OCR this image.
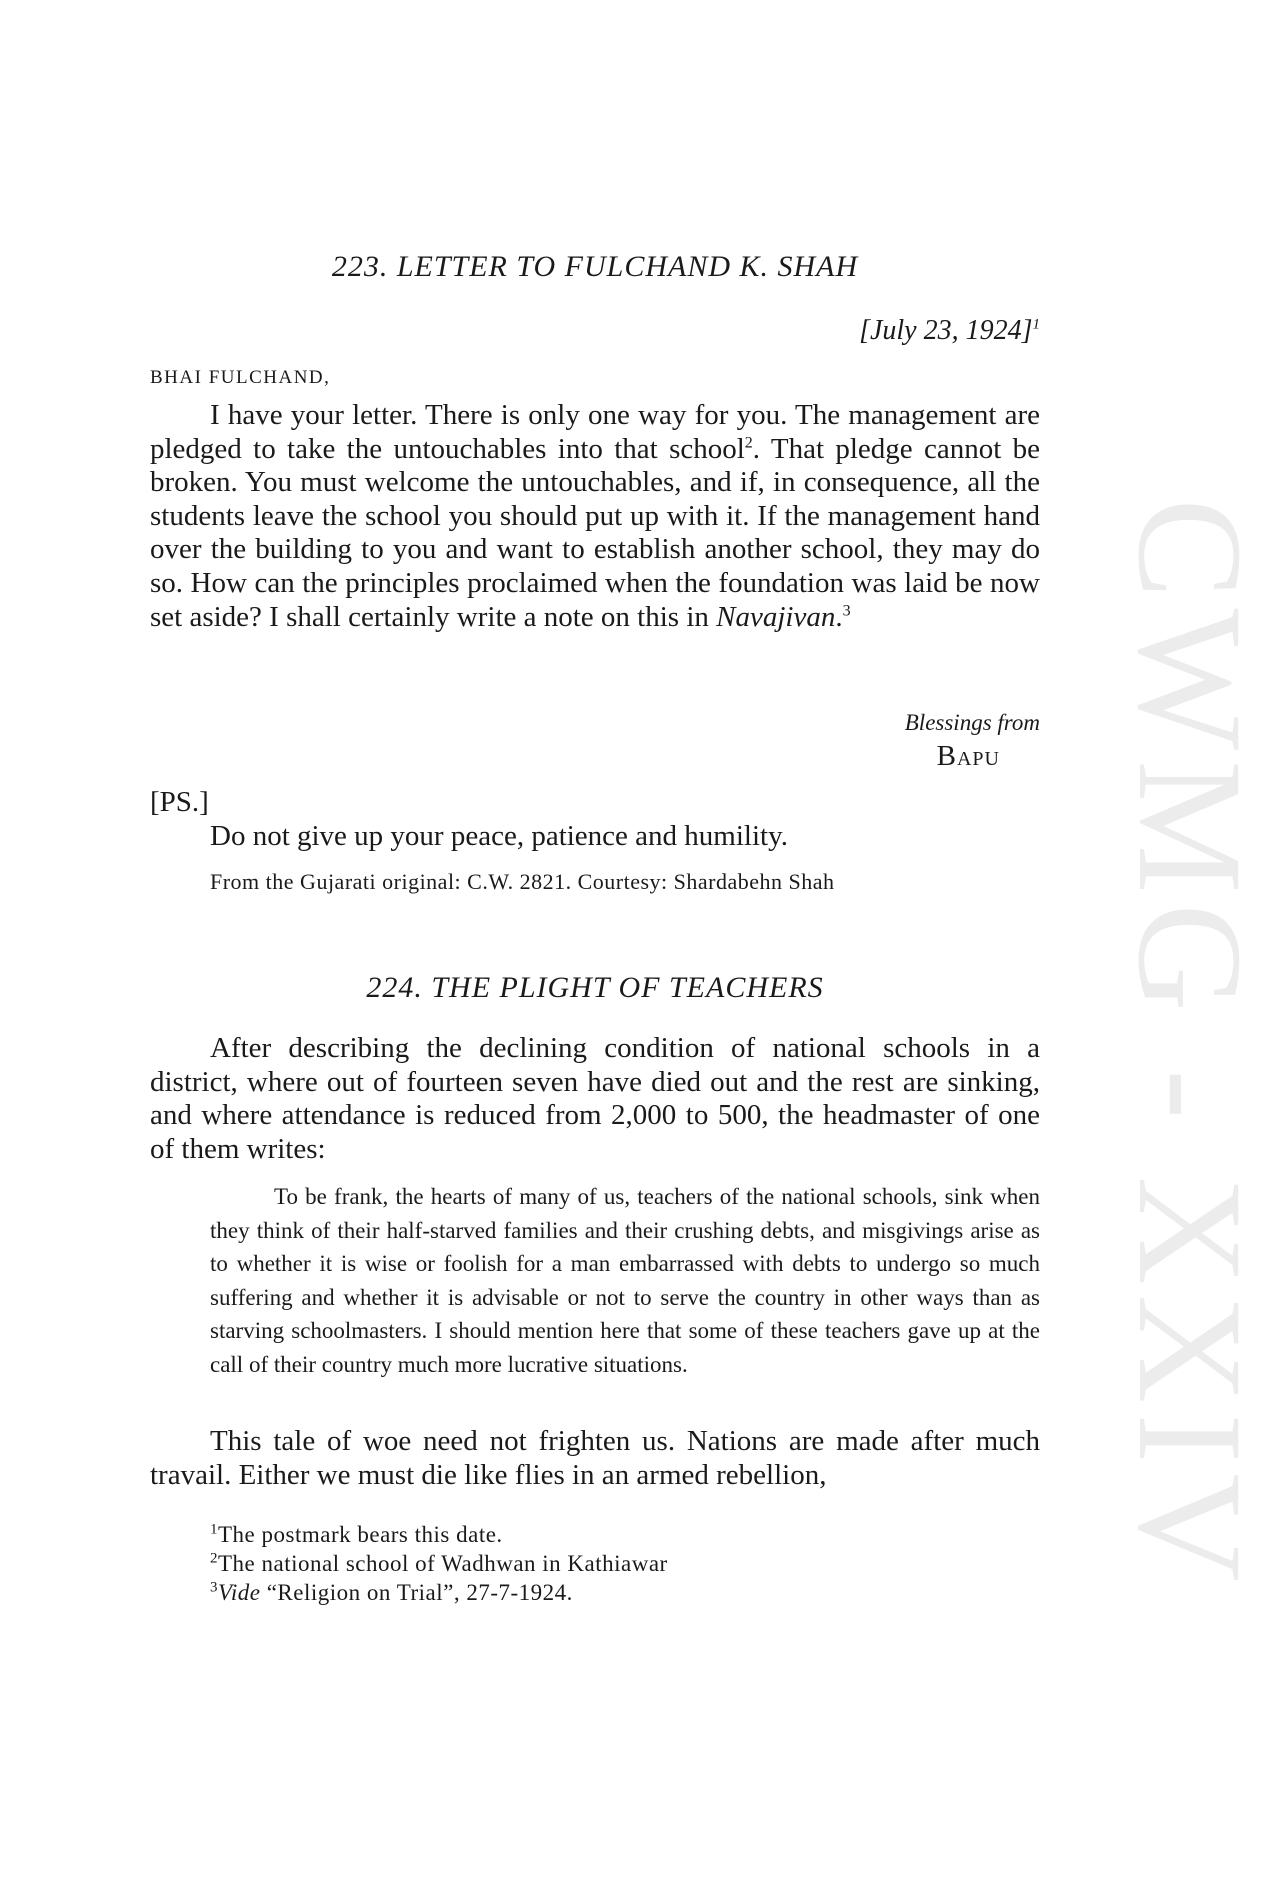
CWMG - XXIV
223. LETTER TO FULCHAND K. SHAH
[July 23, 1924]$^1$
BHAI FULCHAND,

I have your letter. There is only one way for you. The management are pledged to take the untouchables into that school$^2$. That pledge cannot be broken. You must welcome the untouchables, and if, in consequence, all the students leave the school you should put up with it. If the management hand over the building to you and want to establish another school, they may do so. How can the principles proclaimed when the foundation was laid be now set aside? I shall certainly write a note on this in Navajivan.$^3$

Blessings from
Bapu
[PS.]
Do not give up your peace, patience and humility.
From the Gujarati original: C.W. 2821. Courtesy: Shardabehn Shah
224. THE PLIGHT OF TEACHERS

After describing the declining condition of national schools in a district, where out of fourteen seven have died out and the rest are sinking, and where attendance is reduced from 2,000 to 500, the headmaster of one of them writes:

To be frank, the hearts of many of us, teachers of the national schools, sink when they think of their half-starved families and their crushing debts, and misgivings arise as to whether it is wise or foolish for a man embarrassed with debts to undergo so much suffering and whether it is advisable or not to serve the country in other ways than as starving schoolmasters. I should mention here that some of these teachers gave up at the call of their country much more lucrative situations.

This tale of woe need not frighten us. Nations are made after much travail. Either we must die like flies in an armed rebellion,

$^1$The postmark bears this date.
$^2$The national school of Wadhwan in Kathiawar
$^3$Vide “Religion on Trial”, 27-7-1924.
